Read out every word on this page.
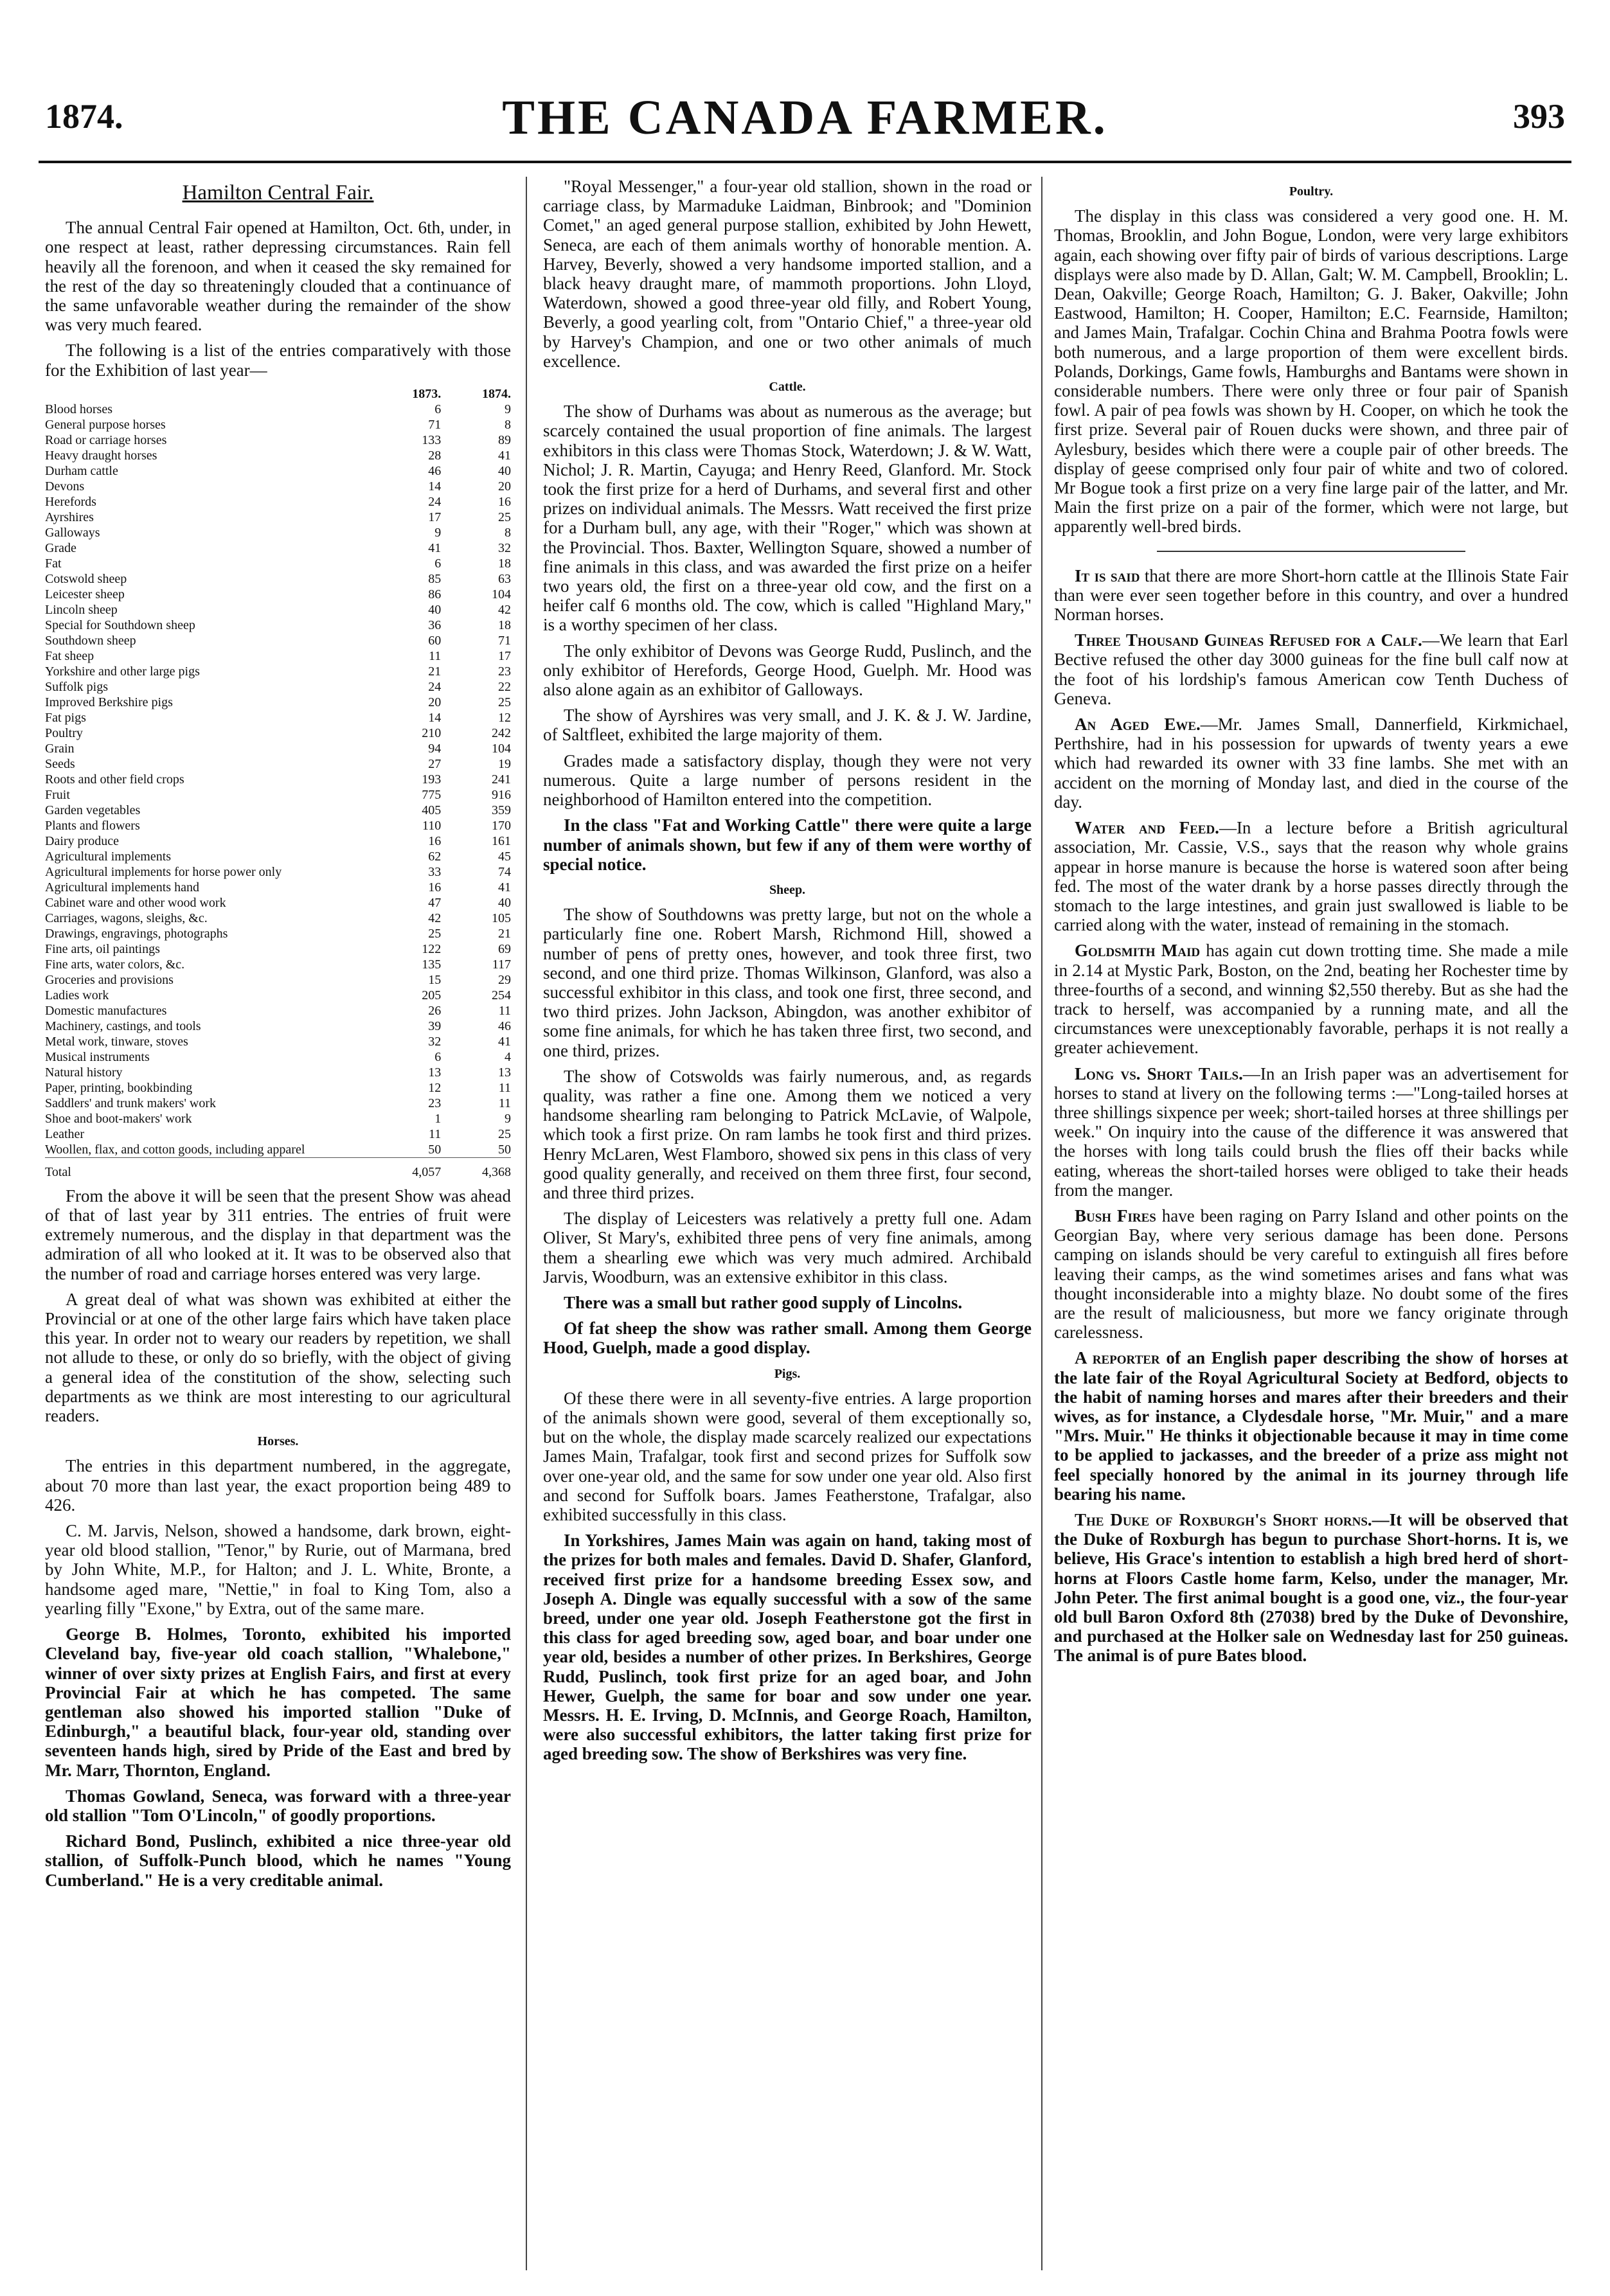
1874.	THE CANADA FARMER.	393
Hamilton Central Fair.

The annual Central Fair opened at Hamilton, Oct. 6th, under, in one respect at least, rather depressing circumstances. Rain fell heavily all the forenoon, and when it ceased the sky remained for the rest of the day so threateningly clouded that a continuance of the same unfavorable weather during the remainder of the show was very much feared.

The following is a list of the entries comparatively with those for the Exhibition of last year—

	1873.	1874.
Blood horses	6	9
General purpose horses	71	8
Road or carriage horses	133	89
Heavy draught horses	28	41
Durham cattle	46	40
Devons	14	20
Herefords	24	16
Ayrshires	17	25
Galloways	9	8
Grade	41	32
Fat	6	18
Cotswold sheep	85	63
Leicester sheep	86	104
Lincoln sheep	40	42
Special for Southdown sheep	36	18
Southdown sheep	60	71
Fat sheep	11	17
Yorkshire and other large pigs	21	23
Suffolk pigs	24	22
Improved Berkshire pigs	20	25
Fat pigs	14	12
Poultry	210	242
Grain	94	104
Seeds	27	19
Roots and other field crops	193	241
Fruit	775	916
Garden vegetables	405	359
Plants and flowers	110	170
Dairy produce	16	161
Agricultural implements	62	45
Agricultural implements for horse power only	33	74
Agricultural implements hand	16	41
Cabinet ware and other wood work	47	40
Carriages, wagons, sleighs, &c.	42	105
Drawings, engravings, photographs	25	21
Fine arts, oil paintings	122	69
Fine arts, water colors, &c.	135	117
Groceries and provisions	15	29
Ladies work	205	254
Domestic manufactures	26	11
Machinery, castings, and tools	39	46
Metal work, tinware, stoves	32	41
Musical instruments	6	4
Natural history	13	13
Paper, printing, bookbinding	12	11
Saddlers' and trunk makers' work	23	11
Shoe and boot-makers' work	1	9
Leather	11	25
Woollen, flax, and cotton goods, including apparel	50	50
Total	4,057	4,368

From the above it will be seen that the present Show was ahead of that of last year by 311 entries. The entries of fruit were extremely numerous, and the display in that department was the admiration of all who looked at it. It was to be observed also that the number of road and carriage horses entered was very large.

A great deal of what was shown was exhibited at either the Provincial or at one of the other large fairs which have taken place this year. In order not to weary our readers by repetition, we shall not allude to these, or only do so briefly, with the object of giving a general idea of the constitution of the show, selecting such departments as we think are most interesting to our agricultural readers.

Horses.

The entries in this department numbered, in the aggregate, about 70 more than last year, the exact proportion being 489 to 426.

C. M. Jarvis, Nelson, showed a handsome, dark brown, eight-year old blood stallion, "Tenor," by Rurie, out of Marmana, bred by John White, M.P., for Halton; and J. L. White, Bronte, a handsome aged mare, "Nettie," in foal to King Tom, also a yearling filly "Exone," by Extra, out of the same mare.

George B. Holmes, Toronto, exhibited his imported Cleveland bay, five-year old coach stallion, "Whalebone," winner of over sixty prizes at English Fairs, and first at every Provincial Fair at which he has competed. The same gentleman also showed his imported stallion "Duke of Edinburgh," a beautiful black, four-year old, standing over seventeen hands high, sired by Pride of the East and bred by Mr. Marr, Thornton, England.

Thomas Gowland, Seneca, was forward with a three-year old stallion "Tom O'Lincoln," of goodly proportions.

Richard Bond, Puslinch, exhibited a nice three-year old stallion, of Suffolk-Punch blood, which he names "Young Cumberland." He is a very creditable animal.

"Royal Messenger," a four-year old stallion, shown in the road or carriage class, by Marmaduke Laidman, Binbrook; and "Dominion Comet," an aged general purpose stallion, exhibited by John Hewett, Seneca, are each of them animals worthy of honorable mention. A. Harvey, Beverly, showed a very handsome imported stallion, and a black heavy draught mare, of mammoth proportions. John Lloyd, Waterdown, showed a good three-year old filly, and Robert Young, Beverly, a good yearling colt, from "Ontario Chief," a three-year old by Harvey's Champion, and one or two other animals of much excellence.

Cattle.

The show of Durhams was about as numerous as the average; but scarcely contained the usual proportion of fine animals. The largest exhibitors in this class were Thomas Stock, Waterdown; J. & W. Watt, Nichol; J. R. Martin, Cayuga; and Henry Reed, Glanford. Mr. Stock took the first prize for a herd of Durhams, and several first and other prizes on individual animals. The Messrs. Watt received the first prize for a Durham bull, any age, with their "Roger," which was shown at the Provincial. Thos. Baxter, Wellington Square, showed a number of fine animals in this class, and was awarded the first prize on a heifer two years old, the first on a three-year old cow, and the first on a heifer calf 6 months old. The cow, which is called "Highland Mary," is a worthy specimen of her class.

The only exhibitor of Devons was George Rudd, Puslinch, and the only exhibitor of Herefords, George Hood, Guelph. Mr. Hood was also alone again as an exhibitor of Galloways.

The show of Ayrshires was very small, and J. K. & J. W. Jardine, of Saltfleet, exhibited the large majority of them.

Grades made a satisfactory display, though they were not very numerous. Quite a large number of persons resident in the neighborhood of Hamilton entered into the competition.

In the class "Fat and Working Cattle" there were quite a large number of animals shown, but few if any of them were worthy of special notice.

Sheep.

The show of Southdowns was pretty large, but not on the whole a particularly fine one. Robert Marsh, Richmond Hill, showed a number of pens of pretty ones, however, and took three first, two second, and one third prize. Thomas Wilkinson, Glanford, was also a successful exhibitor in this class, and took one first, three second, and two third prizes. John Jackson, Abingdon, was another exhibitor of some fine animals, for which he has taken three first, two second, and one third, prizes.

The show of Cotswolds was fairly numerous, and, as regards quality, was rather a fine one. Among them we noticed a very handsome shearling ram belonging to Patrick McLavie, of Walpole, which took a first prize. On ram lambs he took first and third prizes. Henry McLaren, West Flamboro, showed six pens in this class of very good quality generally, and received on them three first, four second, and three third prizes.

The display of Leicesters was relatively a pretty full one. Adam Oliver, St Mary's, exhibited three pens of very fine animals, among them a shearling ewe which was very much admired. Archibald Jarvis, Woodburn, was an extensive exhibitor in this class.

There was a small but rather good supply of Lincolns.

Of fat sheep the show was rather small. Among them George Hood, Guelph, made a good display.

Pigs.

Of these there were in all seventy-five entries. A large proportion of the animals shown were good, several of them exceptionally so, but on the whole, the display made scarcely realized our expectations James Main, Trafalgar, took first and second prizes for Suffolk sow over one-year old, and the same for sow under one year old. Also first and second for Suffolk boars. James Featherstone, Trafalgar, also exhibited successfully in this class.

In Yorkshires, James Main was again on hand, taking most of the prizes for both males and females. David D. Shafer, Glanford, received first prize for a handsome breeding Essex sow, and Joseph A. Dingle was equally successful with a sow of the same breed, under one year old. Joseph Featherstone got the first in this class for aged breeding sow, aged boar, and boar under one year old, besides a number of other prizes. In Berkshires, George Rudd, Puslinch, took first prize for an aged boar, and John Hewer, Guelph, the same for boar and sow under one year. Messrs. H. E. Irving, D. McInnis, and George Roach, Hamilton, were also successful exhibitors, the latter taking first prize for aged breeding sow. The show of Berkshires was very fine.

Poultry.

The display in this class was considered a very good one. H. M. Thomas, Brooklin, and John Bogue, London, were very large exhibitors again, each showing over fifty pair of birds of various descriptions. Large displays were also made by D. Allan, Galt; W. M. Campbell, Brooklin; L. Dean, Oakville; George Roach, Hamilton; G. J. Baker, Oakville; John Eastwood, Hamilton; H. Cooper, Hamilton; E.C. Fearnside, Hamilton; and James Main, Trafalgar. Cochin China and Brahma Pootra fowls were both numerous, and a large proportion of them were excellent birds. Polands, Dorkings, Game fowls, Hamburghs and Bantams were shown in considerable numbers. There were only three or four pair of Spanish fowl. A pair of pea fowls was shown by H. Cooper, on which he took the first prize. Several pair of Rouen ducks were shown, and three pair of Aylesbury, besides which there were a couple pair of other breeds. The display of geese comprised only four pair of white and two of colored. Mr Bogue took a first prize on a very fine large pair of the latter, and Mr. Main the first prize on a pair of the former, which were not large, but apparently well-bred birds.

It is said that there are more Short-horn cattle at the Illinois State Fair than were ever seen together before in this country, and over a hundred Norman horses.

Three Thousand Guineas Refused for a Calf.—We learn that Earl Bective refused the other day 3000 guineas for the fine bull calf now at the foot of his lordship's famous American cow Tenth Duchess of Geneva.

An Aged Ewe.—Mr. James Small, Dannerfield, Kirkmichael, Perthshire, had in his possession for upwards of twenty years a ewe which had rewarded its owner with 33 fine lambs. She met with an accident on the morning of Monday last, and died in the course of the day.

Water and Feed.—In a lecture before a British agricultural association, Mr. Cassie, V.S., says that the reason why whole grains appear in horse manure is because the horse is watered soon after being fed. The most of the water drank by a horse passes directly through the stomach to the large intestines, and grain just swallowed is liable to be carried along with the water, instead of remaining in the stomach.

Goldsmith Maid has again cut down trotting time. She made a mile in 2.14 at Mystic Park, Boston, on the 2nd, beating her Rochester time by three-fourths of a second, and winning $2,550 thereby. But as she had the track to herself, was accompanied by a running mate, and all the circumstances were unexceptionably favorable, perhaps it is not really a greater achievement.

Long vs. Short Tails.—In an Irish paper was an advertisement for horses to stand at livery on the following terms :—"Long-tailed horses at three shillings sixpence per week; short-tailed horses at three shillings per week." On inquiry into the cause of the difference it was answered that the horses with long tails could brush the flies off their backs while eating, whereas the short-tailed horses were obliged to take their heads from the manger.

Bush Fires have been raging on Parry Island and other points on the Georgian Bay, where very serious damage has been done. Persons camping on islands should be very careful to extinguish all fires before leaving their camps, as the wind sometimes arises and fans what was thought inconsiderable into a mighty blaze. No doubt some of the fires are the result of maliciousness, but more we fancy originate through carelessness.

A reporter of an English paper describing the show of horses at the late fair of the Royal Agricultural Society at Bedford, objects to the habit of naming horses and mares after their breeders and their wives, as for instance, a Clydesdale horse, "Mr. Muir," and a mare "Mrs. Muir." He thinks it objectionable because it may in time come to be applied to jackasses, and the breeder of a prize ass might not feel specially honored by the animal in its journey through life bearing his name.

The Duke of Roxburgh's Short horns.—It will be observed that the Duke of Roxburgh has begun to purchase Short-horns. It is, we believe, His Grace's intention to establish a high bred herd of short-horns at Floors Castle home farm, Kelso, under the manager, Mr. John Peter. The first animal bought is a good one, viz., the four-year old bull Baron Oxford 8th (27038) bred by the Duke of Devonshire, and purchased at the Holker sale on Wednesday last for 250 guineas. The animal is of pure Bates blood.
